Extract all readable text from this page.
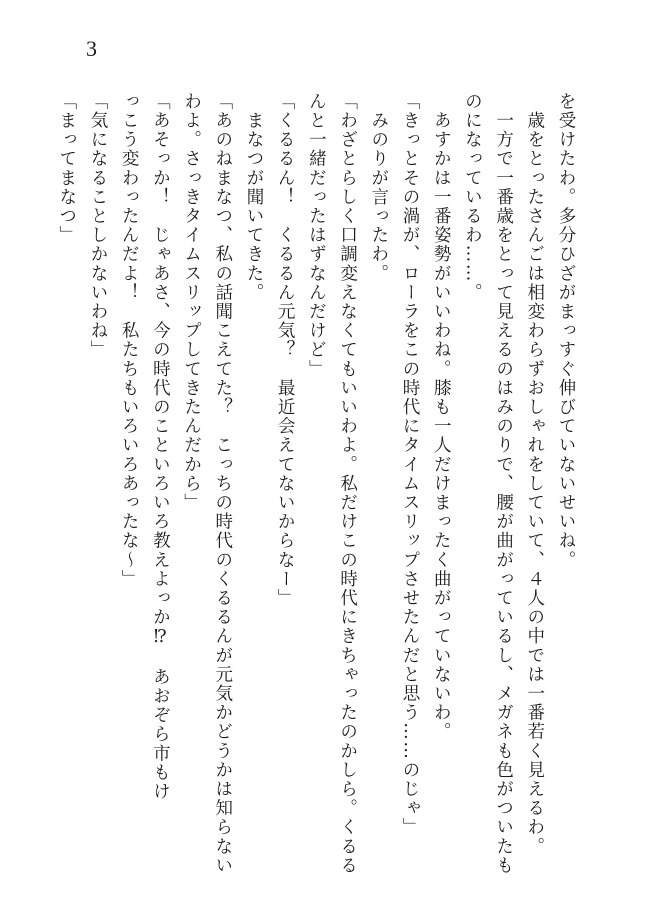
3
を受けたわ。多分ひざがまっすぐ伸びていないせいね。
　歳をとったさんごは相変わらずおしゃれをしていて、４人の中では一番若く見えるわ。
　一方で一番歳をとって見えるのはみのりで、腰が曲がっているし、メガネも色がついたも
のになっているわ……。
　あすかは一番姿勢がいいわね。膝も一人だけまったく曲がっていないわ。
「きっとその渦が、ローラをこの時代にタイムスリップさせたんだと思う……のじゃ」
　みのりが言ったわ。
「わざとらしく口調変えなくてもいいわよ。私だけこの時代にきちゃったのかしら。くるる
んと一緒だったはずなんだけど」
「くるるん！　くるるん元気？　最近会えてないからなー」
　まなつが聞いてきた。
「あのねまなつ、私の話聞こえてた？　こっちの時代のくるるんが元気かどうかは知らない
わよ。さっきタイムスリップしてきたんだから」
「あそっか！　じゃあさ、今の時代のこといろいろ教えよっか⁉　あおぞら市もけ
っこう変わったんだよ！　私たちもいろいろあったな〜」
「気になることしかないわね」
「まってまなつ」
